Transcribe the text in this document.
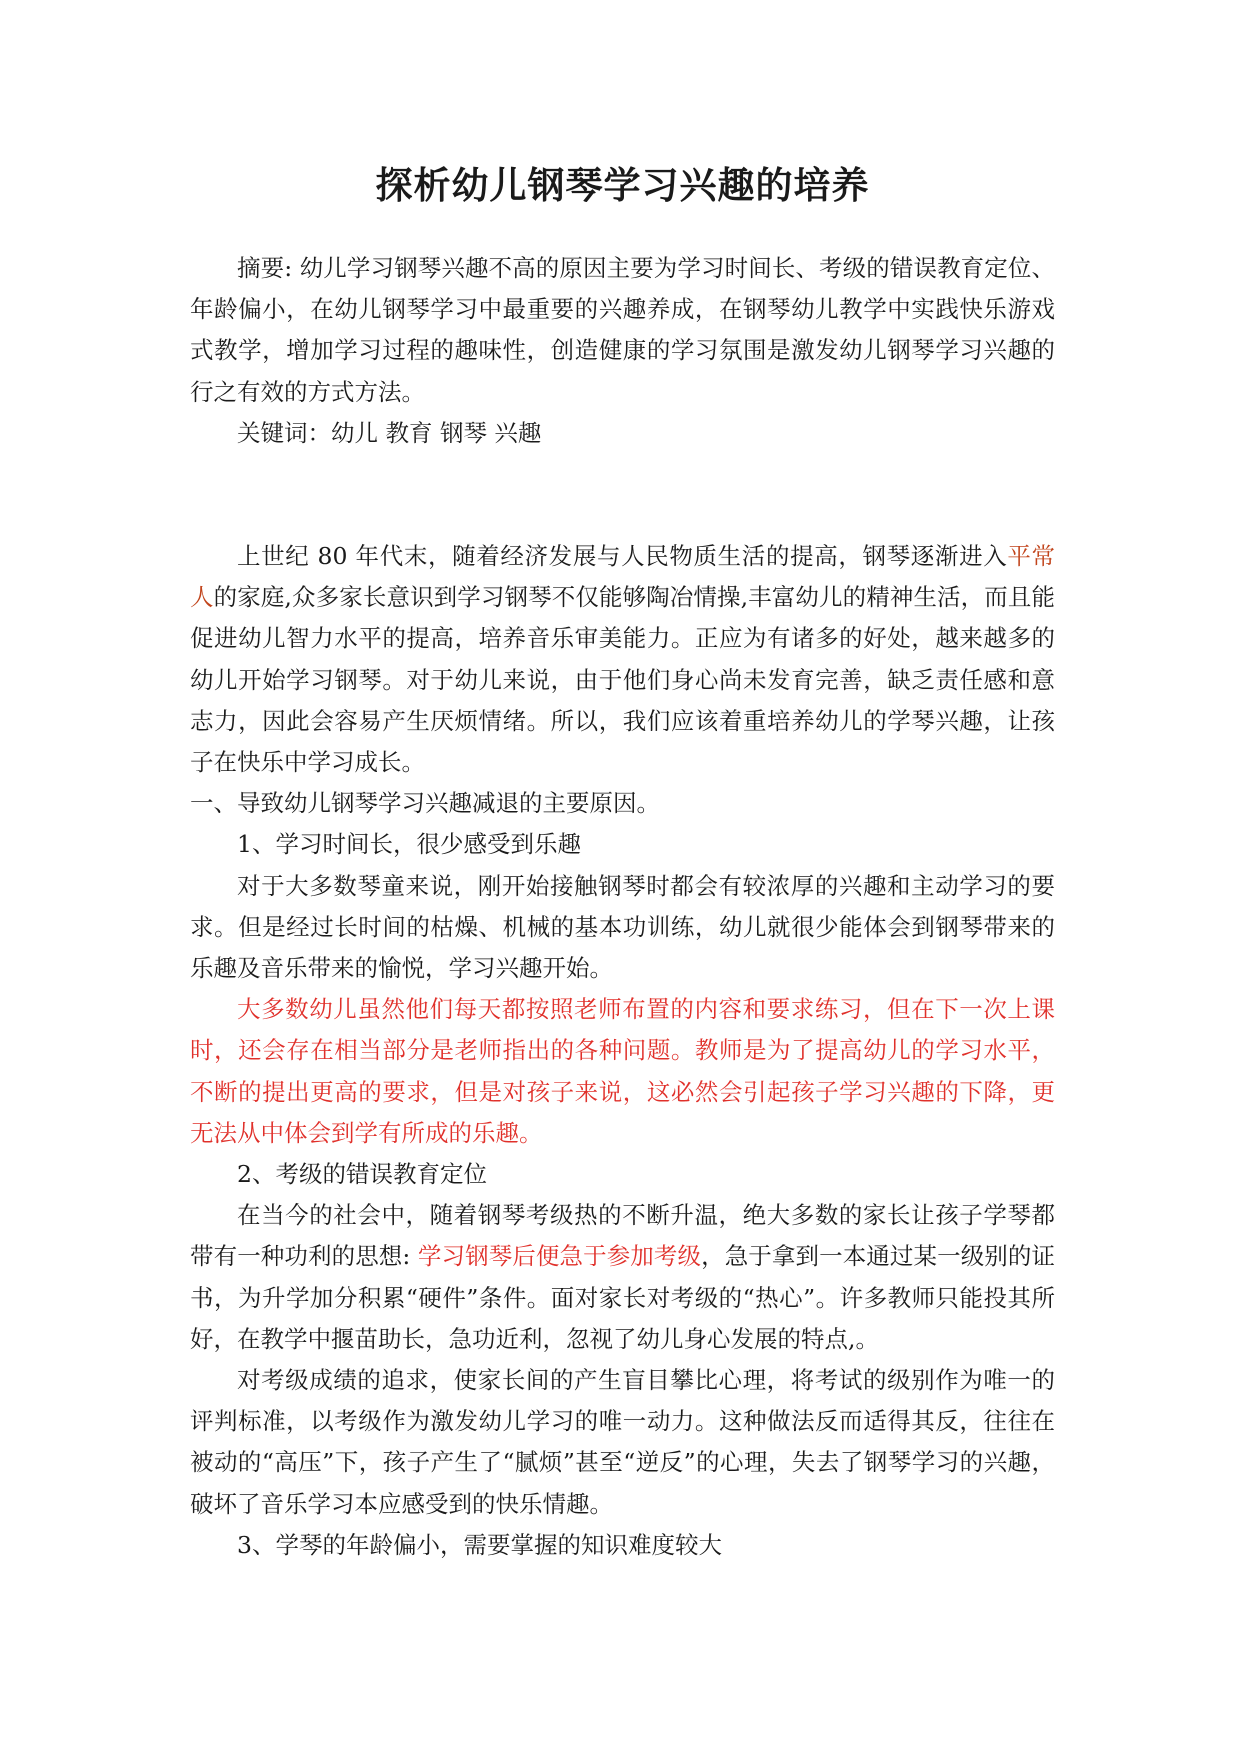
探析幼儿钢琴学习兴趣的培养

摘要: 幼儿学习钢琴兴趣不高的原因主要为学习时间长、考级的错误教育定位、年龄偏小，在幼儿钢琴学习中最重要的兴趣养成，在钢琴幼儿教学中实践快乐游戏式教学，增加学习过程的趣味性，创造健康的学习氛围是激发幼儿钢琴学习兴趣的行之有效的方式方法。

关键词：幼儿 教育 钢琴 兴趣

上世纪 80 年代末，随着经济发展与人民物质生活的提高，钢琴逐渐进入平常人的家庭,众多家长意识到学习钢琴不仅能够陶冶情操,丰富幼儿的精神生活，而且能促进幼儿智力水平的提高，培养音乐审美能力。正应为有诸多的好处，越来越多的幼儿开始学习钢琴。对于幼儿来说，由于他们身心尚未发育完善，缺乏责任感和意志力，因此会容易产生厌烦情绪。所以，我们应该着重培养幼儿的学琴兴趣，让孩子在快乐中学习成长。

一、导致幼儿钢琴学习兴趣减退的主要原因。

1、学习时间长，很少感受到乐趣

对于大多数琴童来说，刚开始接触钢琴时都会有较浓厚的兴趣和主动学习的要求。但是经过长时间的枯燥、机械的基本功训练，幼儿就很少能体会到钢琴带来的乐趣及音乐带来的愉悦，学习兴趣开始。

大多数幼儿虽然他们每天都按照老师布置的内容和要求练习，但在下一次上课时，还会存在相当部分是老师指出的各种问题。教师是为了提高幼儿的学习水平，不断的提出更高的要求，但是对孩子来说，这必然会引起孩子学习兴趣的下降，更无法从中体会到学有所成的乐趣。

2、考级的错误教育定位

在当今的社会中，随着钢琴考级热的不断升温，绝大多数的家长让孩子学琴都带有一种功利的思想: 学习钢琴后便急于参加考级，急于拿到一本通过某一级别的证书，为升学加分积累“硬件”条件。面对家长对考级的“热心”。许多教师只能投其所好，在教学中揠苗助长，急功近利，忽视了幼儿身心发展的特点,。

对考级成绩的追求，使家长间的产生盲目攀比心理，将考试的级别作为唯一的评判标准，以考级作为激发幼儿学习的唯一动力。这种做法反而适得其反，往往在被动的“高压”下，孩子产生了“腻烦”甚至“逆反”的心理，失去了钢琴学习的兴趣，破坏了音乐学习本应感受到的快乐情趣。

3、学琴的年龄偏小，需要掌握的知识难度较大
